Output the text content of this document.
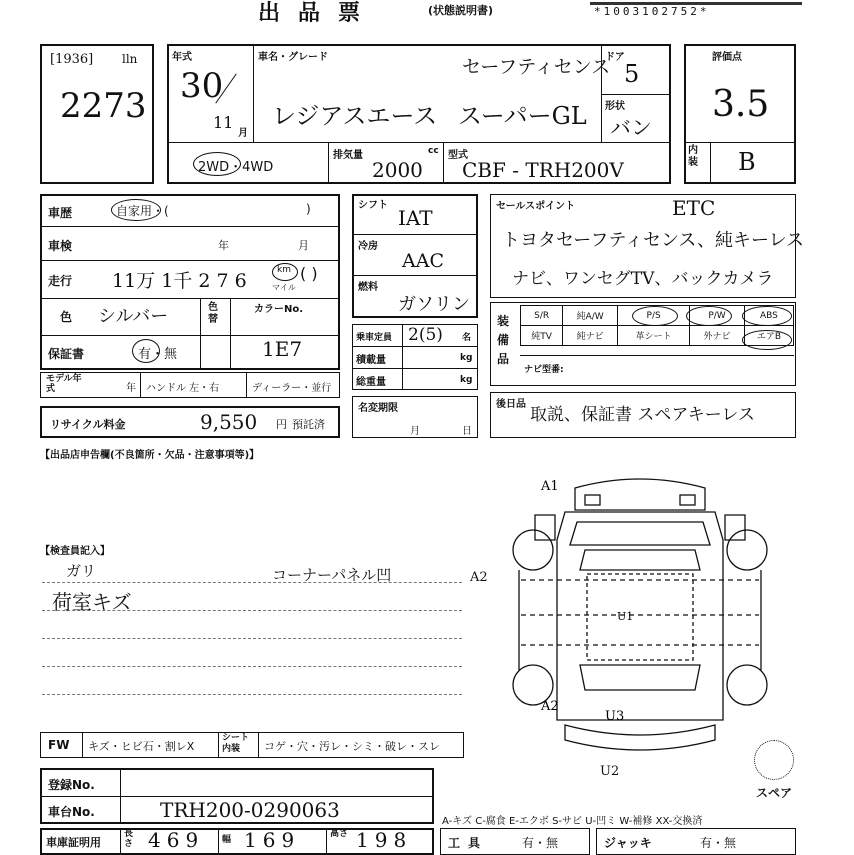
出品票	(状態説明書)	*1003102752*
[1936] lln
2273
年式
30
11
月
車名・グレード	セーフティセンス
レジアスエース スーパーGL
ドア
5
形状
バン
2WD・4WD
排気量	cc
2000
型式
CBF - TRH200V
評価点
3.5
内装 B
車歴	自家用・(	)
車検	年	月
走行 11万 1千 2 7 6	km
マイル
( )
色 シルバー	色替
カラーNo.
1E7
保証書	有・無
モデル年式	年 ハンドル 左・右	ディーラー・並行
リサイクル料金	9,550 円 預託済
シフト
IAT
冷房
AAC
燃料
ガソリン
乗車定員 2(5) 名
積載量	kg
総重量	kg
名変期限
月	日
セールスポイント	ETC
トヨタセーフティセンス、純キーレス
ナビ、ワンセグTV、バックカメラ
装備品
S/R	純A/W	P/S	P/W	ABS
純TV	純ナビ	革シート	外ナビ	エアB
ナビ型番:
後日品
取説、保証書 スペアキーレス
【出品店申告欄(不良箇所・欠品・注意事項等)】
【検査員記入】
ガリ
荷室キズ
コーナーパネル凹
A1
U1
A2
U3
A2
U2
スペア
FW キズ・ヒビ石・割レX
シート内装	コゲ・穴・汚レ・シミ・破レ・スレ
登録No.
車台No.	TRH200-0290063	A-キズ C-腐食 E-エクボ S-サビ U-凹ミ W-補修 XX-交換済
車庫証明用
長さ 469 幅 169	高さ 198	工具	有・無	ジャッキ	有・無
